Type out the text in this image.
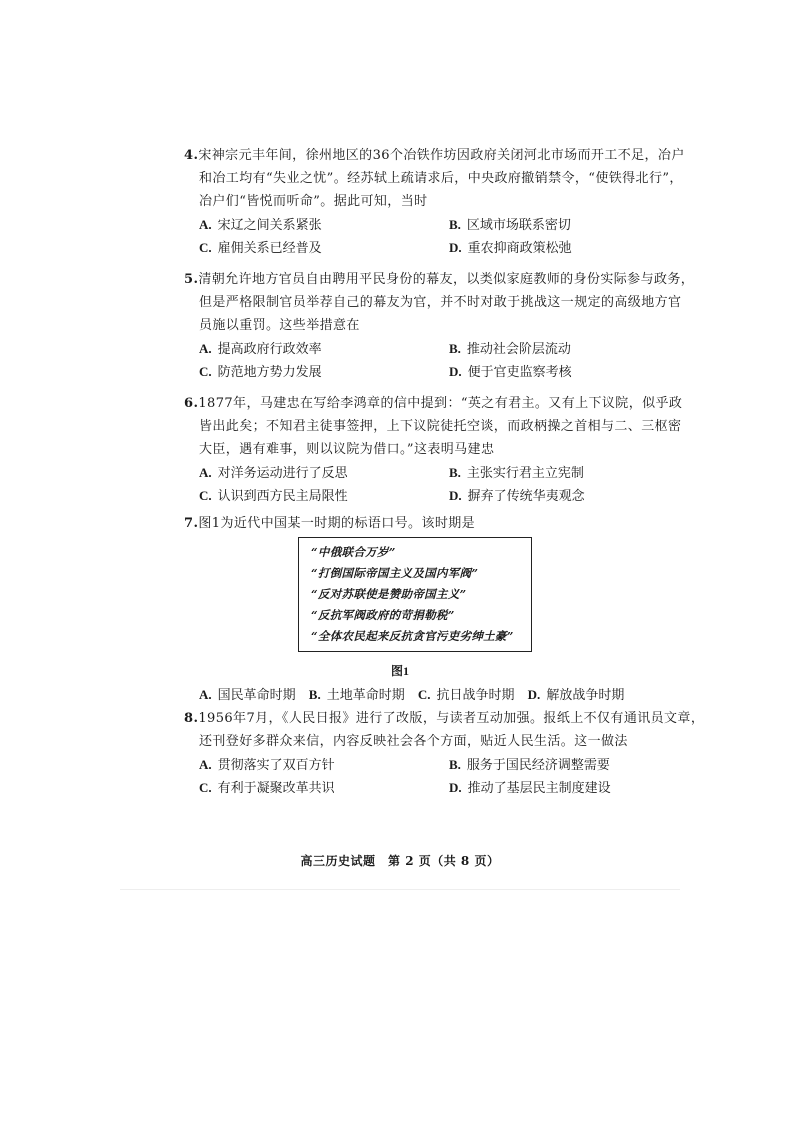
4.宋神宗元丰年间，徐州地区的36个冶铁作坊因政府关闭河北市场而开工不足，冶户
和冶工均有“失业之忧”。经苏轼上疏请求后，中央政府撤销禁令，“使铁得北行”，
冶户们“皆悦而听命”。据此可知，当时
A. 宋辽之间关系紧张	B. 区域市场联系密切
C. 雇佣关系已经普及	D. 重农抑商政策松弛
5.清朝允许地方官员自由聘用平民身份的幕友，以类似家庭教师的身份实际参与政务，
但是严格限制官员举荐自己的幕友为官，并不时对敢于挑战这一规定的高级地方官
员施以重罚。这些举措意在
A. 提高政府行政效率	B. 推动社会阶层流动
C. 防范地方势力发展	D. 便于官吏监察考核
6.1877年，马建忠在写给李鸿章的信中提到：“英之有君主。又有上下议院，似乎政
皆出此矣；不知君主徒事签押，上下议院徒托空谈，而政柄操之首相与二、三枢密
大臣，遇有难事，则以议院为借口。”这表明马建忠
A. 对洋务运动进行了反思	B. 主张实行君主立宪制
C. 认识到西方民主局限性	D. 摒弃了传统华夷观念
7.图1为近代中国某一时期的标语口号。该时期是
“中俄联合万岁”
“打倒国际帝国主义及国内军阀”
“反对苏联使是赞助帝国主义”
“反抗军阀政府的苛捐勒税”
“全体农民起来反抗贪官污吏劣绅土豪”
图1
A. 国民革命时期 B. 土地革命时期 C. 抗日战争时期 D. 解放战争时期
8.1956年7月，《人民日报》进行了改版，与读者互动加强。报纸上不仅有通讯员文章，
还刊登好多群众来信，内容反映社会各个方面，贴近人民生活。这一做法
A. 贯彻落实了双百方针	B. 服务于国民经济调整需要
C. 有利于凝聚改革共识	D. 推动了基层民主制度建设
高三历史试题　第 2 页（共 8 页）
